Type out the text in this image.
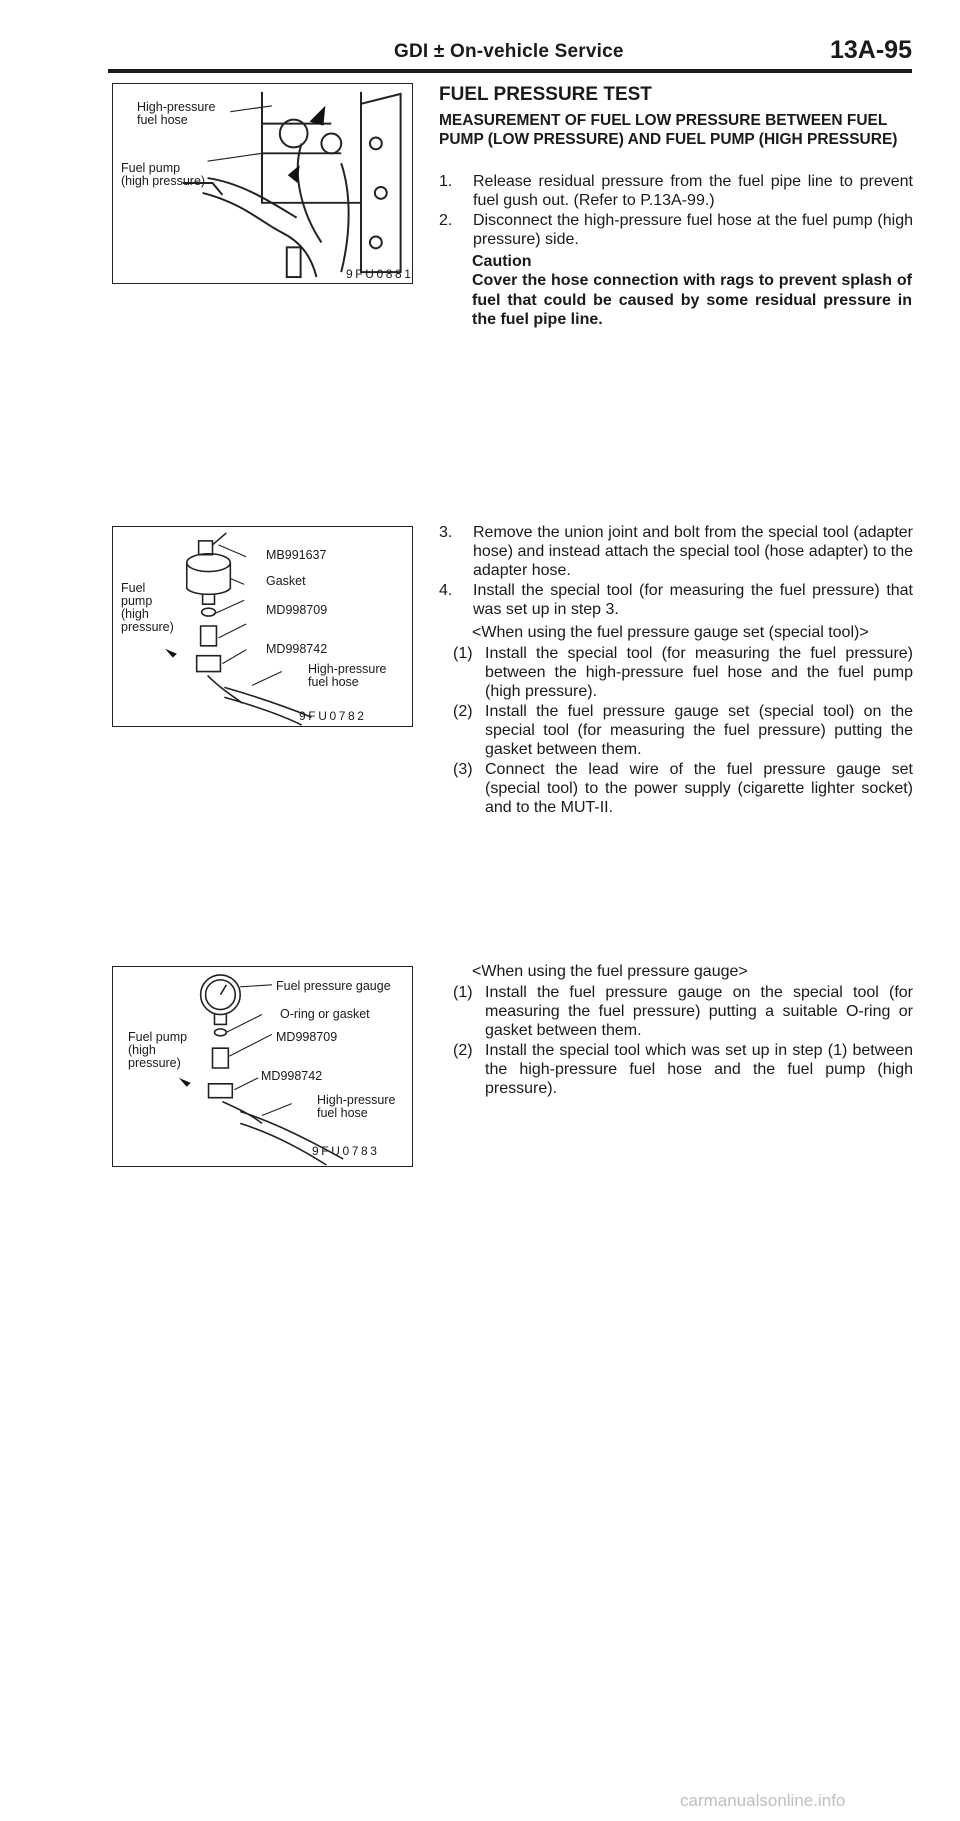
GDI ± On-vehicle Service	13A-95
High-pressure
fuel hose
Fuel pump
(high pressure)
9FU0881
MB991637
Gasket
Fuel
pump
(high
pressure)
MD998709
MD998742
High-pressure
fuel hose
9FU0782
Fuel pressure gauge
O-ring or gasket
Fuel pump
(high
pressure)
MD998709
MD998742
High-pressure
fuel hose
9FU0783
FUEL PRESSURE TEST
MEASUREMENT OF FUEL LOW PRESSURE BETWEEN FUEL PUMP (LOW PRESSURE) AND FUEL PUMP (HIGH PRESSURE)
1. Release residual pressure from the fuel pipe line to prevent fuel gush out. (Refer to P.13A-99.)
2. Disconnect the high-pressure fuel hose at the fuel pump (high pressure) side.
Caution
Cover the hose connection with rags to prevent splash of fuel that could be caused by some residual pressure in the fuel pipe line.
3. Remove the union joint and bolt from the special tool (adapter hose) and instead attach the special tool (hose adapter) to the adapter hose.
4. Install the special tool (for measuring the fuel pressure) that was set up in step 3.
<When using the fuel pressure gauge set (special tool)>
(1) Install the special tool (for measuring the fuel pressure) between the high-pressure fuel hose and the fuel pump (high pressure).
(2) Install the fuel pressure gauge set (special tool) on the special tool (for measuring the fuel pressure) putting the gasket between them.
(3) Connect the lead wire of the fuel pressure gauge set (special tool) to the power supply (cigarette lighter socket) and to the MUT-II.
<When using the fuel pressure gauge>
(1) Install the fuel pressure gauge on the special tool (for measuring the fuel pressure) putting a suitable O-ring or gasket between them.
(2) Install the special tool which was set up in step (1) between the high-pressure fuel hose and the fuel pump (high pressure).
carmanualsonline.info
